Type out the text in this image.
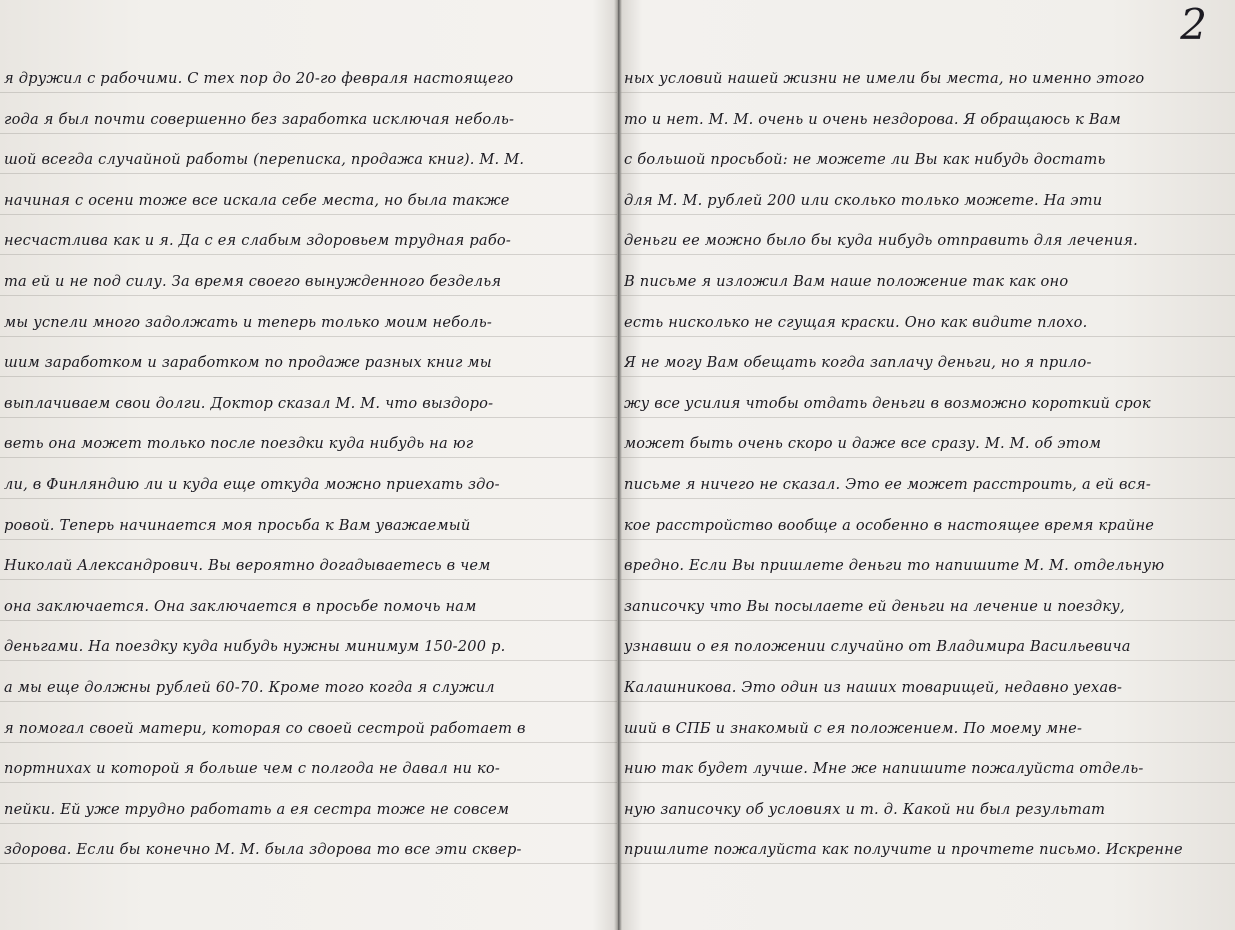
я дружил с рабочими. С тех пор до 20-го февраля настоящего
года я был почти совершенно без заработка исключая неболь-
шой всегда случайной работы (переписка, продажа книг). М. М.
начиная с осени тоже все искала себе места, но была также
несчастлива как и я. Да с ея слабым здоровьем трудная рабо-
та ей и не под силу. За время своего вынужденного безделья
мы успели много задолжать и теперь только моим неболь-
шим заработком и заработком по продаже разных книг мы
выплачиваем свои долги. Доктор сказал М. М. что выздоро-
веть она может только после поездки куда нибудь на юг
ли, в Финляндию ли и куда еще откуда можно приехать здо-
ровой. Теперь начинается моя просьба к Вам уважаемый
Николай Александрович. Вы вероятно догадываетесь в чем
она заключается. Она заключается в просьбе помочь нам
деньгами. На поездку куда нибудь нужны минимум 150-200 р.
а мы еще должны рублей 60-70. Кроме того когда я служил
я помогал своей матери, которая со своей сестрой работает в
портнихах и которой я больше чем с полгода не давал ни ко-
пейки. Ей уже трудно работать а ея сестра тоже не совсем
здорова. Если бы конечно М. М. была здорова то все эти сквер-
2
ных условий нашей жизни не имели бы места, но именно этого
то и нет. М. М. очень и очень нездорова. Я обращаюсь к Вам
с большой просьбой: не можете ли Вы как нибудь достать
для М. М. рублей 200 или сколько только можете. На эти
деньги ее можно было бы куда нибудь отправить для лечения.
В письме я изложил Вам наше положение так как оно
есть нисколько не сгущая краски. Оно как видите плохо.
Я не могу Вам обещать когда заплачу деньги, но я прило-
жу все усилия чтобы отдать деньги в возможно короткий срок
может быть очень скоро и даже все сразу. М. М. об этом
письме я ничего не сказал. Это ее может расстроить, а ей вся-
кое расстройство вообще а особенно в настоящее время крайне
вредно. Если Вы пришлете деньги то напишите М. М. отдельную
записочку что Вы посылаете ей деньги на лечение и поездку,
узнавши о ея положении случайно от Владимира Васильевича
Калашникова. Это один из наших товарищей, недавно уехав-
ший в СПБ и знакомый с ея положением. По моему мне-
нию так будет лучше. Мне же напишите пожалуйста отдель-
ную записочку об условиях и т. д. Какой ни был результат
пришлите пожалуйста как получите и прочтете письмо. Искренне
